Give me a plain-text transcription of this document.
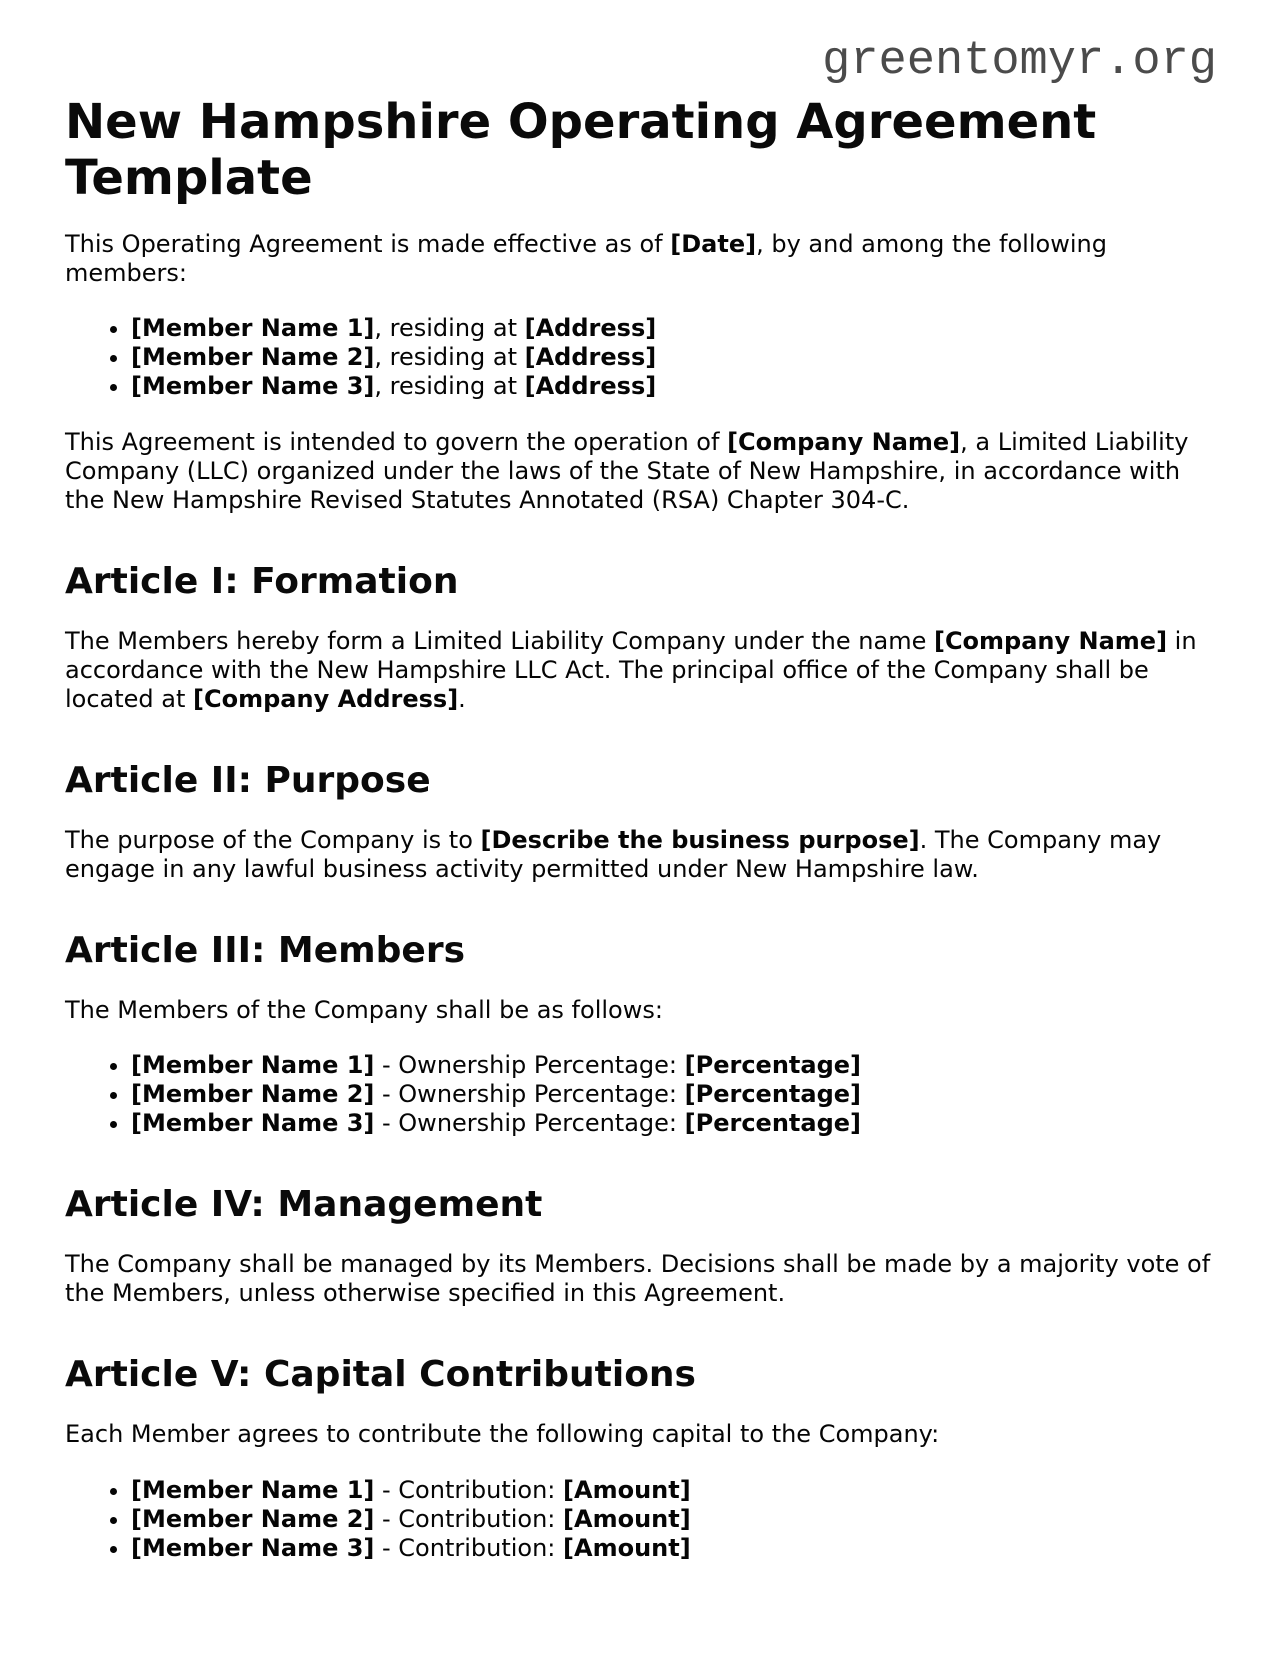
greentomyr.org
New Hampshire Operating Agreement Template

This Operating Agreement is made effective as of [Date], by and among the following members:

• [Member Name 1], residing at [Address]
• [Member Name 2], residing at [Address]
• [Member Name 3], residing at [Address]

This Agreement is intended to govern the operation of [Company Name], a Limited Liability Company (LLC) organized under the laws of the State of New Hampshire, in accordance with the New Hampshire Revised Statutes Annotated (RSA) Chapter 304-C.

Article I: Formation

The Members hereby form a Limited Liability Company under the name [Company Name] in accordance with the New Hampshire LLC Act. The principal office of the Company shall be located at [Company Address].

Article II: Purpose

The purpose of the Company is to [Describe the business purpose]. The Company may engage in any lawful business activity permitted under New Hampshire law.

Article III: Members

The Members of the Company shall be as follows:

• [Member Name 1] - Ownership Percentage: [Percentage]
• [Member Name 2] - Ownership Percentage: [Percentage]
• [Member Name 3] - Ownership Percentage: [Percentage]
Article IV: Management

The Company shall be managed by its Members. Decisions shall be made by a majority vote of the Members, unless otherwise specified in this Agreement.

Article V: Capital Contributions

Each Member agrees to contribute the following capital to the Company:

• [Member Name 1] - Contribution: [Amount]
• [Member Name 2] - Contribution: [Amount]
• [Member Name 3] - Contribution: [Amount]
